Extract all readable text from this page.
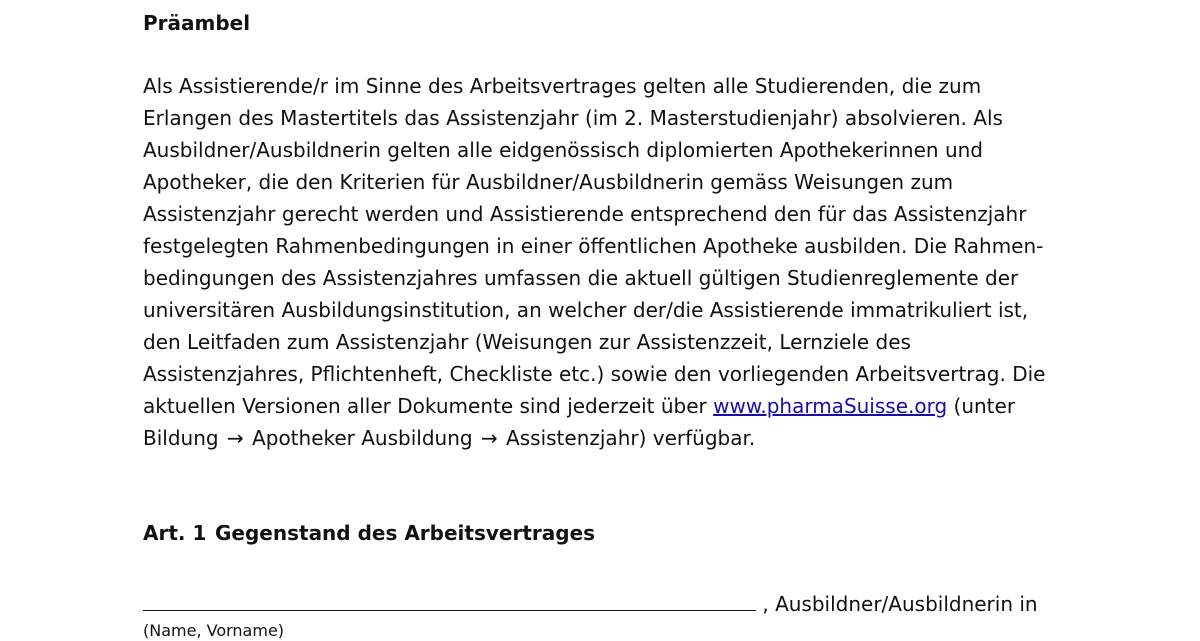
Präambel
Als Assistierende/r im Sinne des Arbeitsvertrages gelten alle Studierenden, die zum
Erlangen des Mastertitels das Assistenzjahr (im 2. Masterstudienjahr) absolvieren. Als
Ausbildner/Ausbildnerin gelten alle eidgenössisch diplomierten Apothekerinnen und
Apotheker, die den Kriterien für Ausbildner/Ausbildnerin gemäss Weisungen zum
Assistenzjahr gerecht werden und Assistierende entsprechend den für das Assistenzjahr
festgelegten Rahmenbedingungen in einer öffentlichen Apotheke ausbilden. Die Rahmen-
bedingungen des Assistenzjahres umfassen die aktuell gültigen Studienreglemente der
universitären Ausbildungsinstitution, an welcher der/die Assistierende immatrikuliert ist,
den Leitfaden zum Assistenzjahr (Weisungen zur Assistenzzeit, Lernziele des
Assistenzjahres, Pflichtenheft, Checkliste etc.) sowie den vorliegenden Arbeitsvertrag. Die
aktuellen Versionen aller Dokumente sind jederzeit über www.pharmaSuisse.org (unter
Bildung → Apotheker Ausbildung → Assistenzjahr) verfügbar.
Art. 1 Gegenstand des Arbeitsvertrages
, Ausbildner/Ausbildnerin in
(Name, Vorname)
